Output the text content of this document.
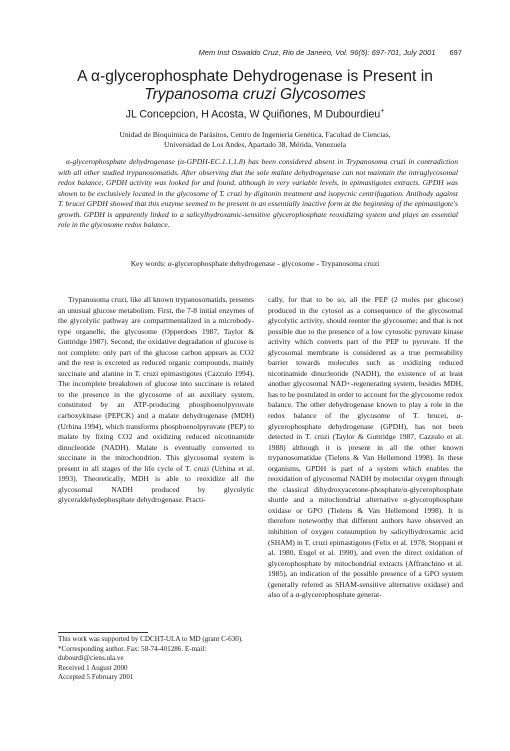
Mem Inst Oswaldo Cruz, Rio de Janeiro, Vol. 96(5): 697-701, July 2001 697
A α-glycerophosphate Dehydrogenase is Present in
Trypanosoma cruzi Glycosomes
JL Concepcion, H Acosta, W Quiñones, M Dubourdieu+
Unidad de Bioquímica de Parásitos, Centro de Ingeniería Genética, Facultad de Ciencias,
Universidad de Los Andes, Apartado 38, Mérida, Venezuela

α-glycerophosphate dehydrogenase (α-GPDH-EC.1.1.1.8) has been considered absent in Trypanosoma cruzi in contradiction with all other studied trypanosomatids. After observing that the sole malate dehydrogenase can not maintain the intraglycosomal redox balance, GPDH activity was looked for and found, although in very variable levels, in epimastigotes extracts. GPDH was shown to be exclusively located in the glycosome of T. cruzi by digitonin treatment and isopycnic centrifugation. Antibody against T. brucei GPDH showed that this enzyme seemed to be present in an essentially inactive form at the beginning of the epimastigote's growth. GPDH is apparently linked to a salicylhydroxamic-sensitive glycerophosphate reoxidizing system and plays an essential role in the glycosome redox balance.

Key words: α-glycerophosphate dehydrogenase - glycosome - Trypanosoma cruzi

Trypanosoma cruzi, like all known trypanosomatids, presents an unusual glucose metabolism. First, the 7-8 initial enzymes of the glycolytic pathway are compartmentalized in a microbody-type organelle, the glycosome (Opperdoes 1987, Taylor & Guttridge 1987). Second, the oxidative degradation of glucose is not complete: only part of the glucose carbon appears as CO2 and the rest is excreted as reduced organic compounds, mainly succinate and alanine in T. cruzi epimastigotes (Cazzulo 1994). The incomplete breakdown of glucose into succinate is related to the presence in the glycosome of an auxiliary system, constituted by an ATP-producing phosphoenolpyruvate carboxykinase (PEPCK) and a malate dehydrogenase (MDH) (Urbina 1994), which transforms phosphoenolpyruvate (PEP) to malate by fixing CO2 and oxidizing reduced nicotinamide dinucleotide (NADH). Malate is eventually converted to succinate in the mitochondrion. This glycosomal system is present in all stages of the life cycle of T. cruzi (Urbina et al. 1993). Theoretically, MDH is able to reoxidize all the glycosomal NADH produced by glycolytic glyceraldehydephosphate dehydrogenase. Practi-

cally, for that to be so, all the PEP (2 moles per glucose) produced in the cytosol as a consequence of the glycosomal glycolytic activity, should reenter the glycosome; and that is not possible due to the presence of a low cytosolic pyruvate kinase activity which converts part of the PEP to pyruvate. If the glycosomal membrane is considered as a true permeability barrier towards molecules such as oxidizing reduced nicotinamide dinucleotide (NADH), the existence of at least another glycosomal NAD+-regenerating system, besides MDH, has to be postulated in order to account for the glycosome redox balance. The other dehydrogenase known to play a role in the redox balance of the glycosome of T. brucei, α-glycerophosphate dehydrogenase (GPDH), has not been detected in T. cruzi (Taylor & Guttridge 1987, Cazzulo et al. 1988) although it is present in all the other known trypanosomatidae (Tielens & Van Hellemond 1998). In these organisms, GPDH is part of a system which enables the reoxidation of glycosomal NADH by molecular oxygen through the classical dihydroxyacetone-phosphate/α-glycerophosphate shuttle and a mitochondrial alternative α-glycerophosphate oxidase or GPO (Tielens & Van Hellemond 1998). It is therefore noteworthy that different authors have observed an inhibition of oxygen consumption by salicylhydroxamic acid (SHAM) in T. cruzi epimastigotes (Felix et al. 1978, Stoppani et al. 1980, Engel et al. 1990), and even the direct oxidation of glycerophosphate by mitochondrial extracts (Affranchino et al. 1985), an indication of the possible presence of a GPO system (generally refered as SHAM-sensitive alternative oxidase) and also of a α-glycerophosphate generat-

This work was supported by CDCHT-ULA to MD (grant C-630).
*Corresponding author. Fax: 58-74-401286. E-mail: dubourdi@ciens.ula.ve
Received 1 August 2000
Accepted 5 February 2001
